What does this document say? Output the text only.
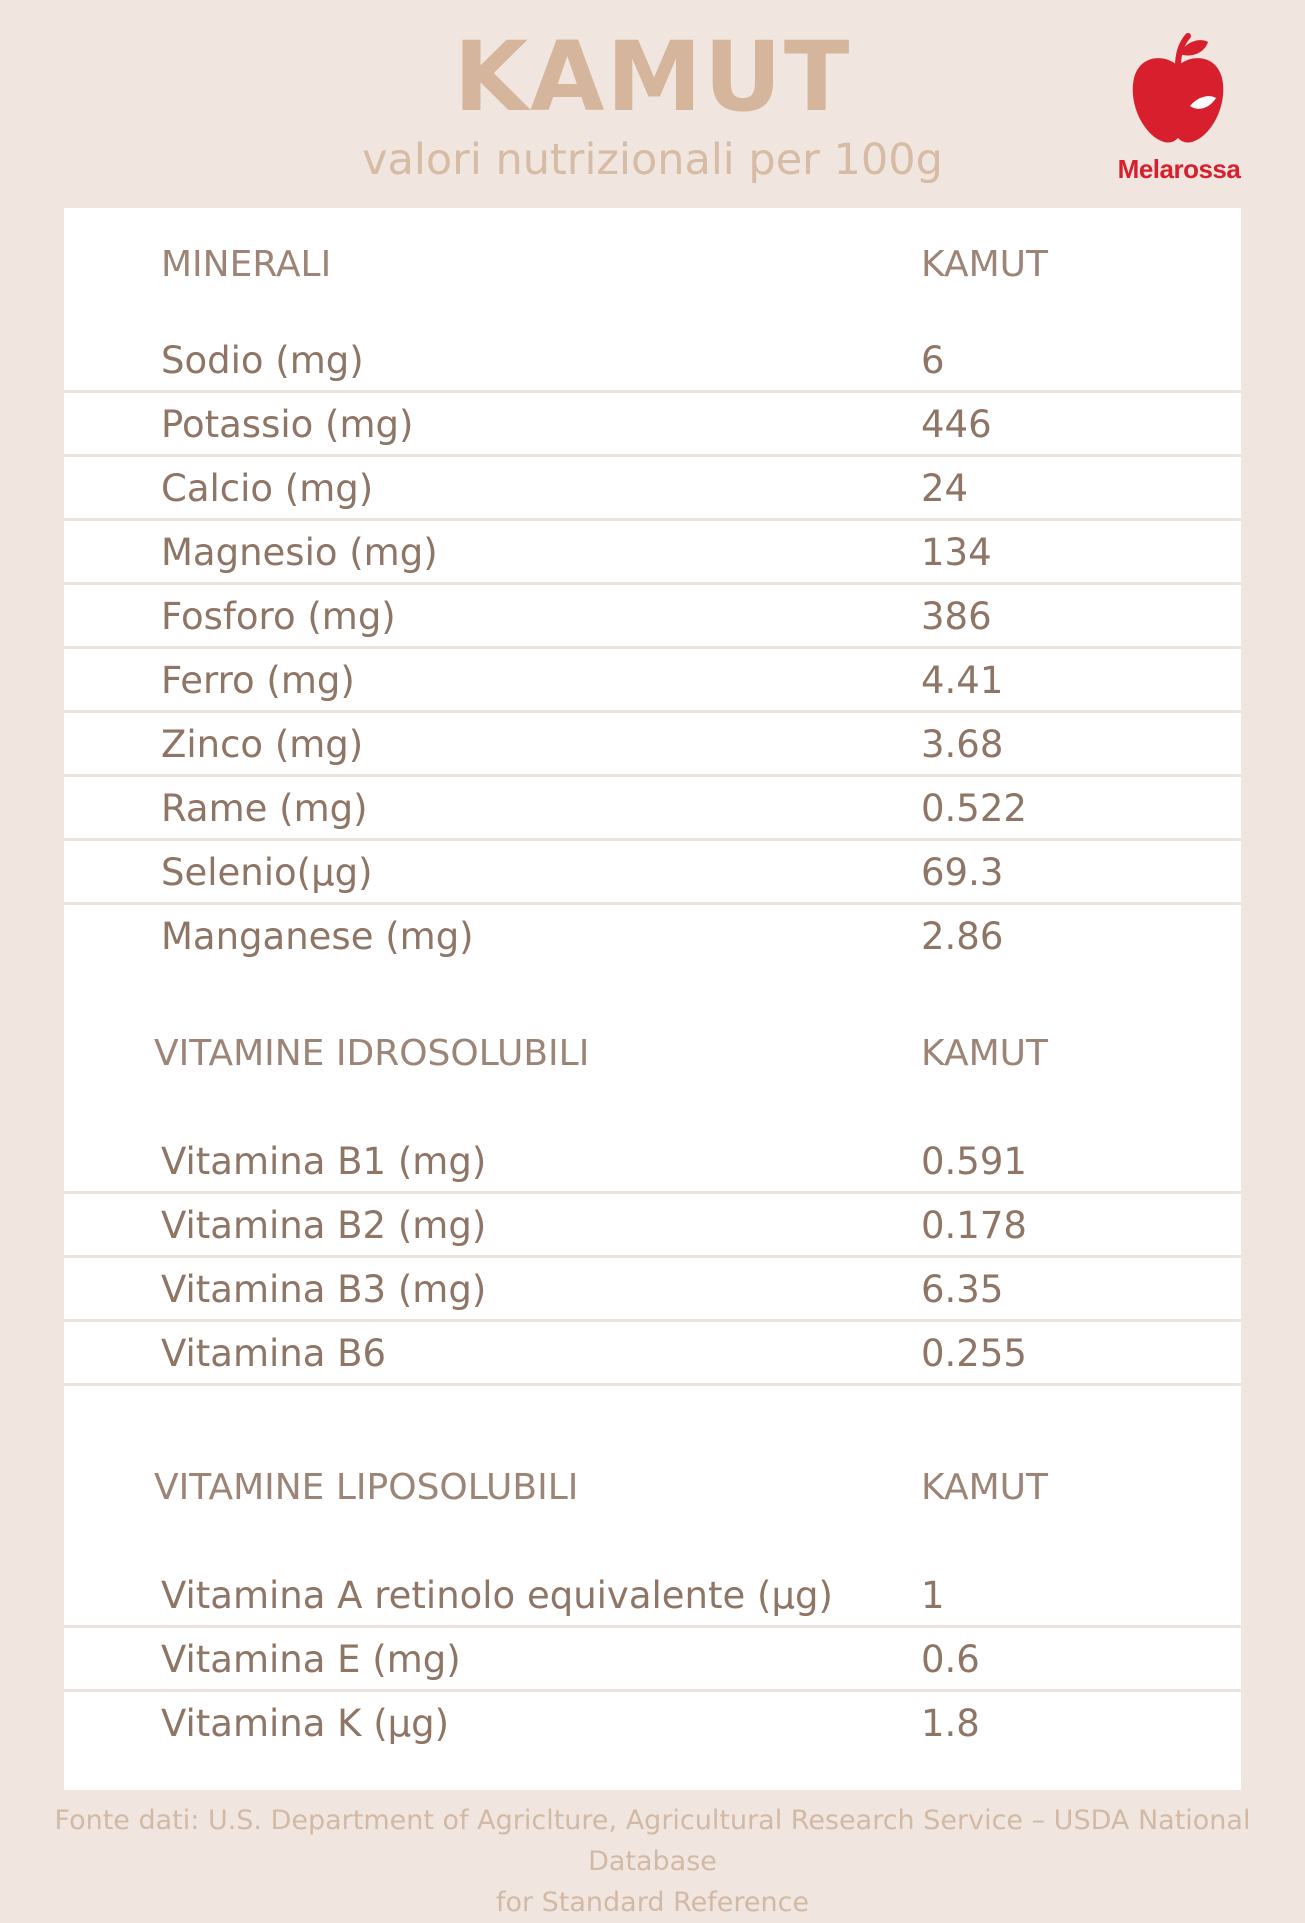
KAMUT
valori nutrizionali per 100g	Melarossa
MINERALI	KAMUT
Sodio (mg)	6
Potassio (mg)	446
Calcio (mg)	24
Magnesio (mg)	134
Fosforo (mg)	386
Ferro (mg)	4.41
Zinco (mg)	3.68
Rame (mg)	0.522
Selenio(µg)	69.3
Manganese (mg)	2.86
VITAMINE IDROSOLUBILI	KAMUT
Vitamina B1 (mg)	0.591
Vitamina B2 (mg)	0.178
Vitamina B3 (mg)	6.35
Vitamina B6	0.255
VITAMINE LIPOSOLUBILI	KAMUT
Vitamina A retinolo equivalente (µg) 1
Vitamina E (mg)	0.6
Vitamina K (µg)	1.8
Fonte dati: U.S. Department of Agriclture, Agricultural Research Service – USDA National Database
for Standard Reference
